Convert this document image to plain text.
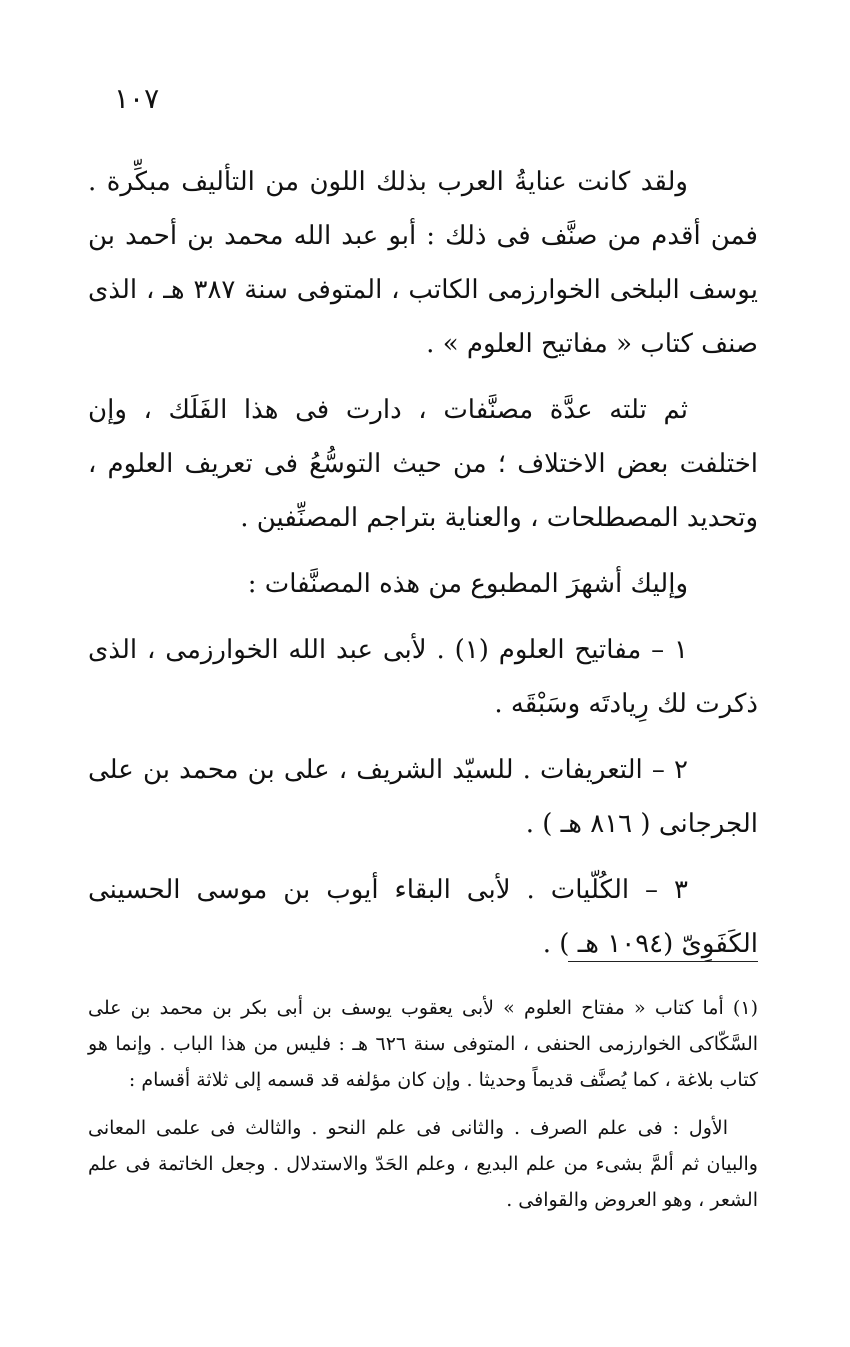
١٠٧

ولقد كانت عنايةُ العرب بذلك اللون من التأليف مبكِّرة . فمن أقدم من صنَّف فى ذلك : أبو عبد الله محمد بن أحمد بن يوسف البلخى الخوارزمى الكاتب ، المتوفى سنة ٣٨٧ هـ ، الذى صنف كتاب « مفاتيح العلوم » .

ثم تلته عدَّة مصنَّفات ، دارت فى هذا الفَلَك ، وإن اختلفت بعض الاختلاف ؛ من حيث التوسُّعُ فى تعريف العلوم ، وتحديد المصطلحات ، والعناية بتراجم المصنِّفين .

وإليك أشهرَ المطبوع من هذه المصنَّفات :

١ – مفاتيح العلوم (١) . لأبى عبد الله الخوارزمى ، الذى ذكرت لك رِيادتَه وسَبْقَه .

٢ – التعريفات . للسيّد الشريف ، على بن محمد بن على الجرجانى ( ٨١٦ هـ ) .

٣ – الكُلّيات . لأبى البقاء أيوب بن موسى الحسينى الكَفَوِىّ (١٠٩٤ هـ ) .

(١) أما كتاب « مفتاح العلوم » لأبى يعقوب يوسف بن أبى بكر بن محمد بن على السَّكّاكى الخوارزمى الحنفى ، المتوفى سنة ٦٢٦ هـ : فليس من هذا الباب . وإنما هو كتاب بلاغة ، كما يُصنَّف قديماً وحديثا . وإن كان مؤلفه قد قسمه إلى ثلاثة أقسام :

الأول : فى علم الصرف . والثانى فى علم النحو . والثالث فى علمى المعانى والبيان ثم ألمَّ بشىء من علم البديع ، وعلم الحَدّ والاستدلال . وجعل الخاتمة فى علم الشعر ، وهو العروض والقوافى .
